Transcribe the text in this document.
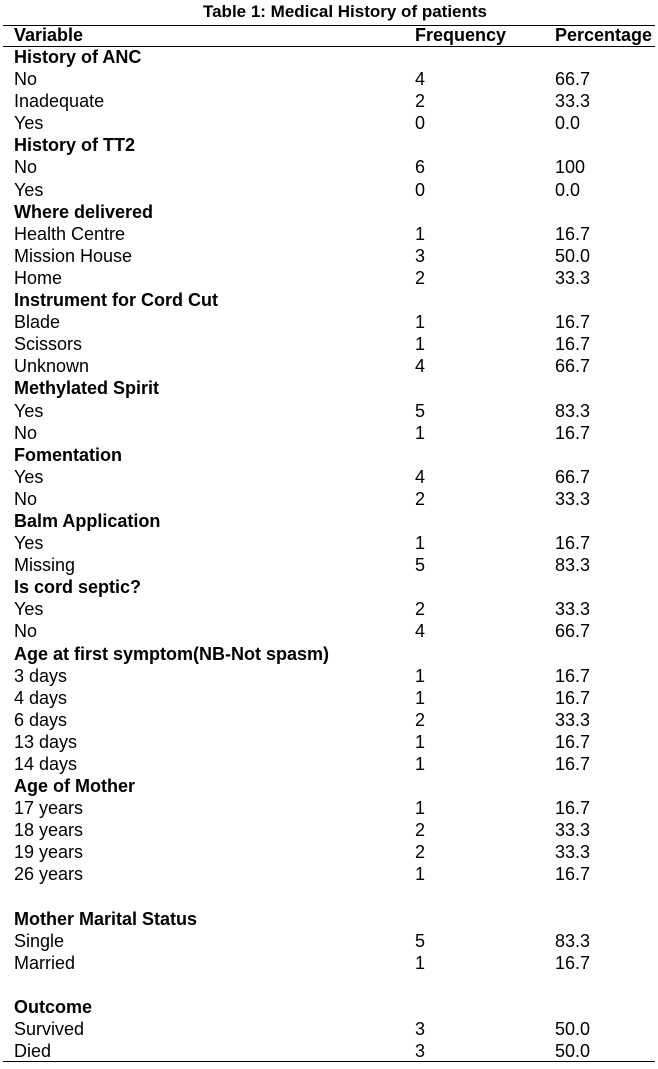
Table 1: Medical History of patients
Variable	Frequency	Percentage
History of ANC
No	4	66.7
Inadequate	2	33.3
Yes	0	0.0
History of TT2
No	6	100
Yes	0	0.0
Where delivered
Health Centre	1	16.7
Mission House	3	50.0
Home	2	33.3
Instrument for Cord Cut
Blade	1	16.7
Scissors	1	16.7
Unknown	4	66.7
Methylated Spirit
Yes	5	83.3
No	1	16.7
Fomentation
Yes	4	66.7
No	2	33.3
Balm Application
Yes	1	16.7
Missing	5	83.3
Is cord septic?
Yes	2	33.3
No	4	66.7
Age at first symptom(NB-Not spasm)
3 days	1	16.7
4 days	1	16.7
6 days	2	33.3
13 days	1	16.7
14 days	1	16.7
Age of Mother
17 years	1	16.7
18 years	2	33.3
19 years	2	33.3
26 years	1	16.7
Mother Marital Status
Single	5	83.3
Married	1	16.7
Outcome
Survived	3	50.0
Died	3	50.0
